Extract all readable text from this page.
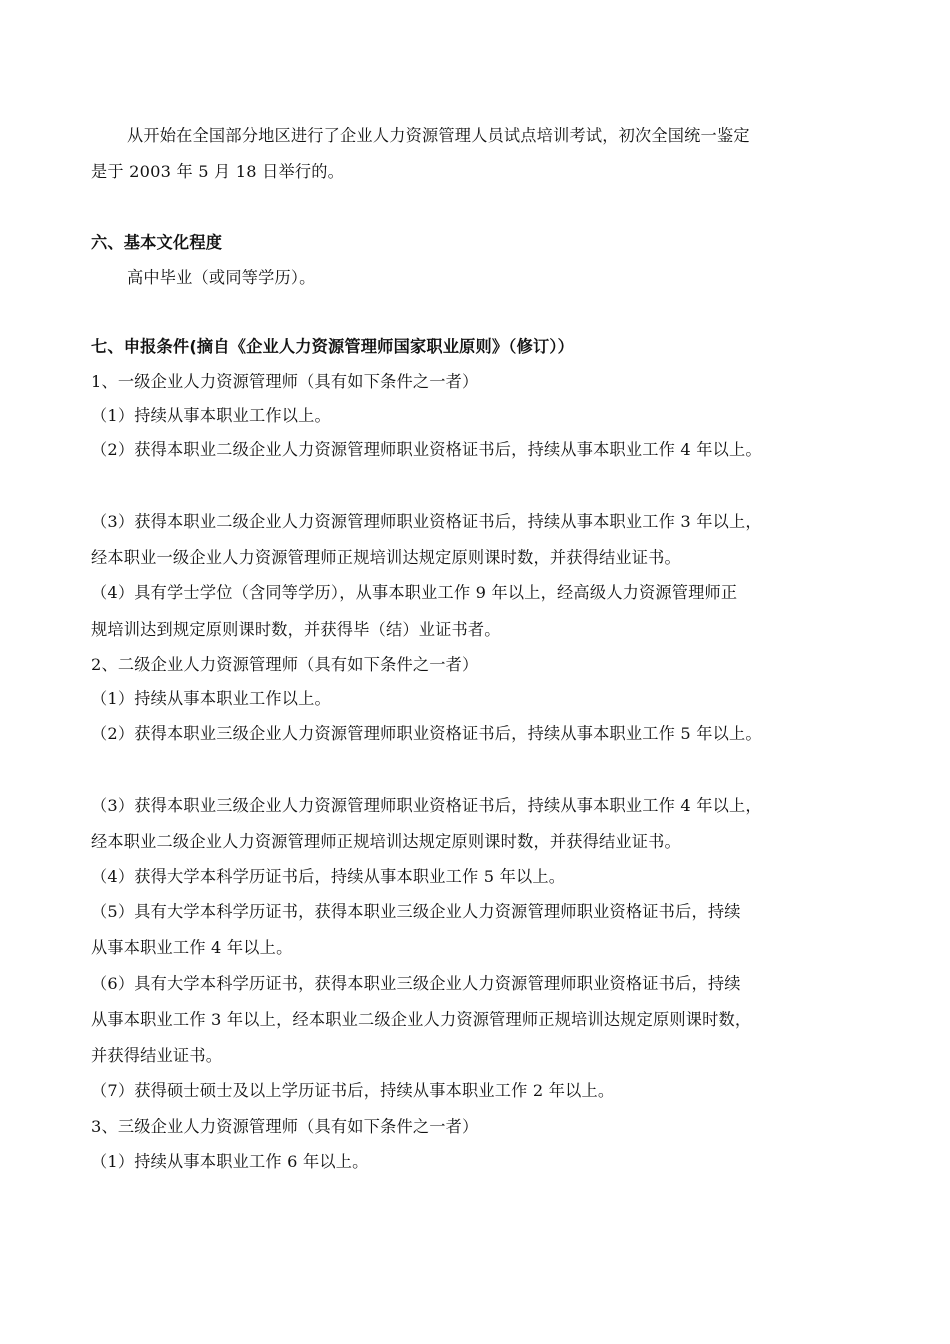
从开始在全国部分地区进行了企业人力资源管理人员试点培训考试，初次全国统一鉴定
是于 2003 年 5 月 18 日举行的。
六、基本文化程度
高中毕业（或同等学历）。
七、申报条件(摘自《企业人力资源管理师国家职业原则》（修订））
1、一级企业人力资源管理师（具有如下条件之一者）
（1）持续从事本职业工作以上。
（2）获得本职业二级企业人力资源管理师职业资格证书后，持续从事本职业工作 4 年以上。
（3）获得本职业二级企业人力资源管理师职业资格证书后，持续从事本职业工作 3 年以上，
经本职业一级企业人力资源管理师正规培训达规定原则课时数，并获得结业证书。
（4）具有学士学位（含同等学历），从事本职业工作 9 年以上，经高级人力资源管理师正
规培训达到规定原则课时数，并获得毕（结）业证书者。
2、二级企业人力资源管理师（具有如下条件之一者）
（1）持续从事本职业工作以上。
（2）获得本职业三级企业人力资源管理师职业资格证书后，持续从事本职业工作 5 年以上。
（3）获得本职业三级企业人力资源管理师职业资格证书后，持续从事本职业工作 4 年以上，
经本职业二级企业人力资源管理师正规培训达规定原则课时数，并获得结业证书。
（4）获得大学本科学历证书后，持续从事本职业工作 5 年以上。
（5）具有大学本科学历证书，获得本职业三级企业人力资源管理师职业资格证书后，持续
从事本职业工作 4 年以上。
（6）具有大学本科学历证书，获得本职业三级企业人力资源管理师职业资格证书后，持续
从事本职业工作 3 年以上，经本职业二级企业人力资源管理师正规培训达规定原则课时数，
并获得结业证书。
（7）获得硕士硕士及以上学历证书后，持续从事本职业工作 2 年以上。
3、三级企业人力资源管理师（具有如下条件之一者）
（1）持续从事本职业工作 6 年以上。
